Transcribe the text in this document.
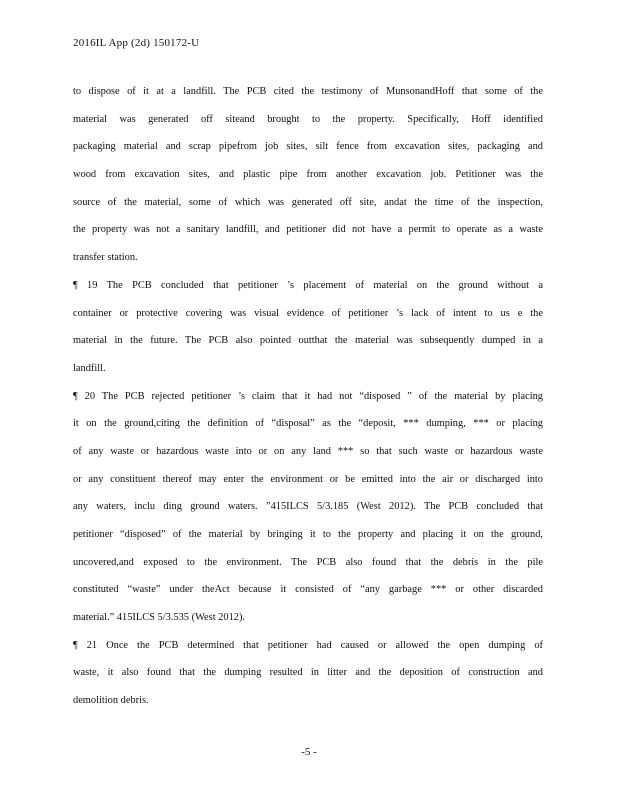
2016IL App (2d) 150172-U
to dispose of it at a landfill. The PCB cited the testimony of MunsonandHoff that some of the
material was generated off siteand brought to the property. Specifically, Hoff identified
packaging material and scrap pipefrom job sites, silt fence from excavation sites, packaging and
wood from excavation sites, and plastic pipe from another excavation job. Petitioner was the
source of the material, some of which was generated off site, andat the time of the inspection,
the property was not a sanitary landfill, and petitioner did not have a permit to operate as a waste
transfer station.
¶ 19 The PCB concluded that petitioner ’s placement of material on the ground without a
container or protective covering was visual evidence of petitioner ’s lack of intent to us e the
material in the future. The PCB also pointed outthat the material was subsequently dumped in a
landfill.
¶ 20 The PCB rejected petitioner ’s claim that it had not “disposed ” of the material by placing
it on the ground,citing the definition of “disposal” as the “deposit, *** dumping, *** or placing
of any waste or hazardous waste into or on any land *** so that such waste or hazardous waste
or any constituent thereof may enter the environment or be emitted into the air or discharged into
any waters, inclu ding ground waters. ”415ILCS 5/3.185 (West 2012). The PCB concluded that
petitioner “disposed” of the material by bringing it to the property and placing it on the ground,
uncovered,and exposed to the environment. The PCB also found that the debris in the pile
constituted “waste” under theAct because it consisted of “any garbage *** or other discarded
material.” 415ILCS 5/3.535 (West 2012).
¶ 21 Once the PCB determined that petitioner had caused or allowed the open dumping of
waste, it also found that the dumping resulted in litter and the deposition of construction and
demolition debris.
-5 -
